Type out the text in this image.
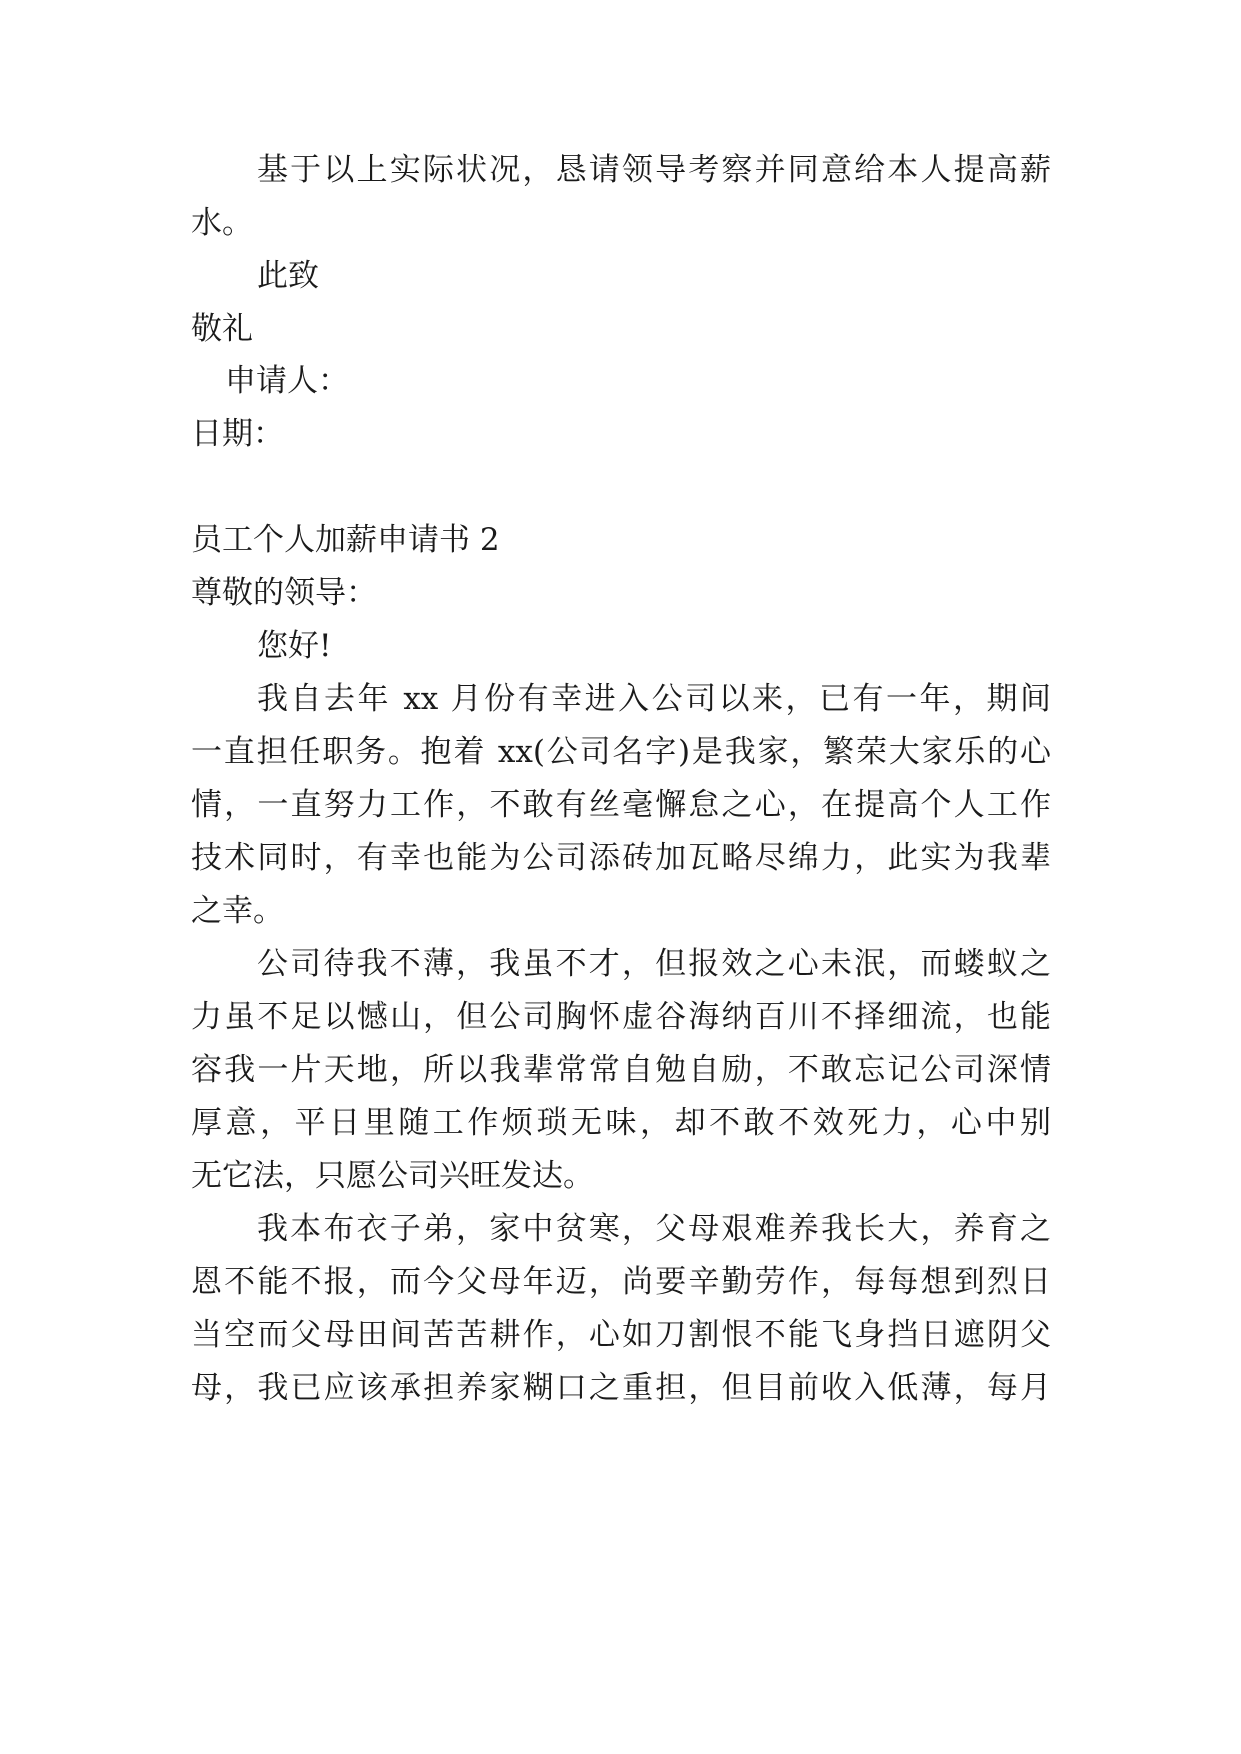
基于以上实际状况，恳请领导考察并同意给本人提高薪
水。
此致
敬礼
申请人：
日期：
员工个人加薪申请书 2
尊敬的领导：
您好!
我自去年 xx 月份有幸进入公司以来，已有一年，期间
一直担任职务。抱着 xx(公司名字)是我家，繁荣大家乐的心
情，一直努力工作，不敢有丝毫懈怠之心，在提高个人工作
技术同时，有幸也能为公司添砖加瓦略尽绵力，此实为我辈
之幸。
公司待我不薄，我虽不才，但报效之心未泯，而蝼蚁之
力虽不足以憾山，但公司胸怀虚谷海纳百川不择细流，也能
容我一片天地，所以我辈常常自勉自励，不敢忘记公司深情
厚意，平日里随工作烦琐无味，却不敢不效死力，心中别
无它法，只愿公司兴旺发达。
我本布衣子弟，家中贫寒，父母艰难养我长大，养育之
恩不能不报，而今父母年迈，尚要辛勤劳作，每每想到烈日
当空而父母田间苦苦耕作，心如刀割恨不能飞身挡日遮阴父
母，我已应该承担养家糊口之重担，但目前收入低薄，每月
